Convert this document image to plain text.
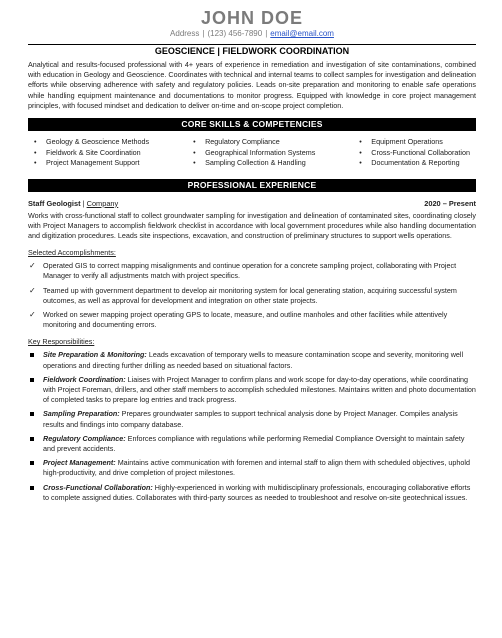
JOHN DOE
Address | (123) 456-7890 | email@email.com
GEOSCIENCE | FIELDWORK COORDINATION
Analytical and results-focused professional with 4+ years of experience in remediation and investigation of site contaminations, combined with education in Geology and Geoscience. Coordinates with technical and internal teams to collect samples for investigation and delineation efforts while observing adherence with safety and regulatory policies. Leads on-site preparation and monitoring to enable safe operations while handling equipment maintenance and documentations to monitor progress. Equipped with knowledge in core project management principles, with focused mindset and dedication to deliver on-time and on-scope project completion.
CORE SKILLS & COMPETENCIES
• Geology & Geoscience Methods
• Fieldwork & Site Coordination
• Project Management Support
• Regulatory Compliance
• Geographical Information Systems
• Sampling Collection & Handling
• Equipment Operations
• Cross-Functional Collaboration
• Documentation & Reporting
PROFESSIONAL EXPERIENCE
Staff Geologist | Company	2020 – Present
Works with cross-functional staff to collect groundwater sampling for investigation and delineation of contaminated sites, coordinating closely with Project Managers to accomplish fieldwork checklist in accordance with local government procedures while also handling documentation and digitization procedures. Leads site inspections, excavation, and construction of preliminary structures to support wells operations.
Selected Accomplishments:
✓ Operated GIS to correct mapping misalignments and continue operation for a concrete sampling project, collaborating with Project Manager to verify all adjustments match with project specifics.
✓ Teamed up with government department to develop air monitoring system for local generating station, acquiring successful system outcomes, as well as approval for development and integration on other state projects.
✓ Worked on sewer mapping project operating GPS to locate, measure, and outline manholes and other facilities while attentively monitoring and documenting errors.
Key Responsibilities:
Site Preparation & Monitoring: Leads excavation of temporary wells to measure contamination scope and severity, monitoring well operations and directing further drilling as needed based on situational factors.
Fieldwork Coordination: Liaises with Project Manager to confirm plans and work scope for day-to-day operations, while coordinating with Project Foreman, drillers, and other staff members to accomplish scheduled milestones. Maintains written and photo documentation of completed tasks to prepare log entries and track progress.
Sampling Preparation: Prepares groundwater samples to support technical analysis done by Project Manager. Compiles analysis results and findings into company database.
Regulatory Compliance: Enforces compliance with regulations while performing Remedial Compliance Oversight to maintain safety and prevent accidents.
Project Management: Maintains active communication with foremen and internal staff to align them with scheduled objectives, uphold high-productivity, and drive completion of project milestones.
Cross-Functional Collaboration: Highly-experienced in working with multidisciplinary professionals, encouraging collaborative efforts to complete assigned duties. Collaborates with third-party sources as needed to troubleshoot and resolve on-site geotechnical issues.
